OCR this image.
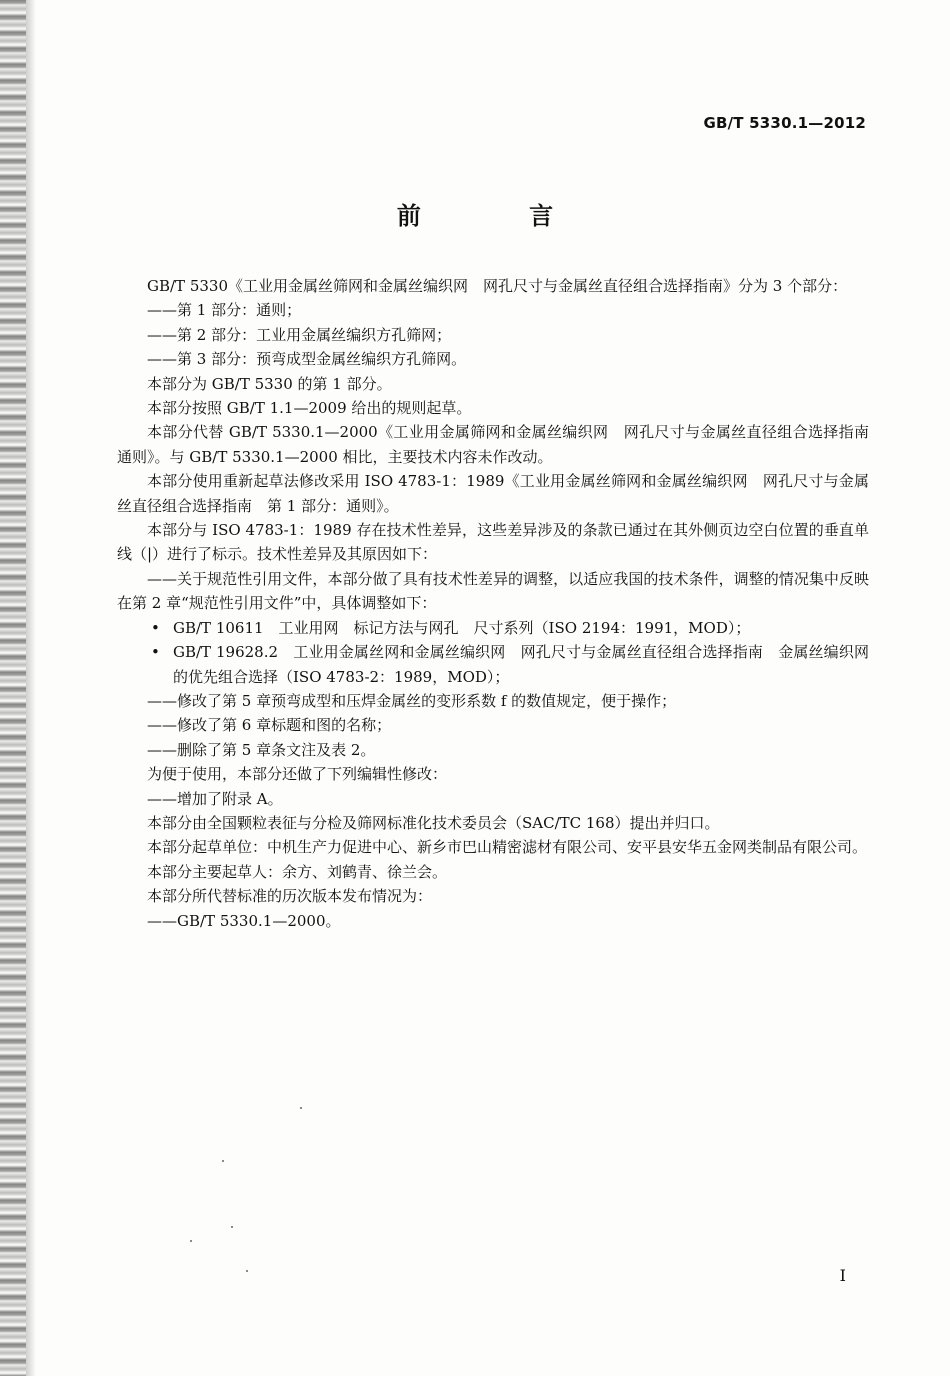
GB/T 5330.1—2012
前 言

GB/T 5330《工业用金属丝筛网和金属丝编织网　网孔尺寸与金属丝直径组合选择指南》分为 3 个部分：

——第 1 部分：通则；

——第 2 部分：工业用金属丝编织方孔筛网；

——第 3 部分：预弯成型金属丝编织方孔筛网。

本部分为 GB/T 5330 的第 1 部分。

本部分按照 GB/T 1.1—2009 给出的规则起草。

本部分代替 GB/T 5330.1—2000《工业用金属筛网和金属丝编织网　网孔尺寸与金属丝直径组合选择指南　通则》。与 GB/T 5330.1—2000 相比，主要技术内容未作改动。

本部分使用重新起草法修改采用 ISO 4783-1：1989《工业用金属丝筛网和金属丝编织网　网孔尺寸与金属丝直径组合选择指南　第 1 部分：通则》。

本部分与 ISO 4783-1：1989 存在技术性差异，这些差异涉及的条款已通过在其外侧页边空白位置的垂直单线（|）进行了标示。技术性差异及其原因如下：

——关于规范性引用文件，本部分做了具有技术性差异的调整，以适应我国的技术条件，调整的情况集中反映在第 2 章“规范性引用文件”中，具体调整如下：

• GB/T 10611　工业用网　标记方法与网孔　尺寸系列（ISO 2194：1991，MOD）；

• GB/T 19628.2　工业用金属丝网和金属丝编织网　网孔尺寸与金属丝直径组合选择指南　金属丝编织网的优先组合选择（ISO 4783-2：1989，MOD）；

——修改了第 5 章预弯成型和压焊金属丝的变形系数 f 的数值规定，便于操作；

——修改了第 6 章标题和图的名称；

——删除了第 5 章条文注及表 2。

为便于使用，本部分还做了下列编辑性修改：

——增加了附录 A。

本部分由全国颗粒表征与分检及筛网标准化技术委员会（SAC/TC 168）提出并归口。

本部分起草单位：中机生产力促进中心、新乡市巴山精密滤材有限公司、安平县安华五金网类制品有限公司。

本部分主要起草人：余方、刘鹤青、徐兰会。

本部分所代替标准的历次版本发布情况为：

——GB/T 5330.1—2000。

I
